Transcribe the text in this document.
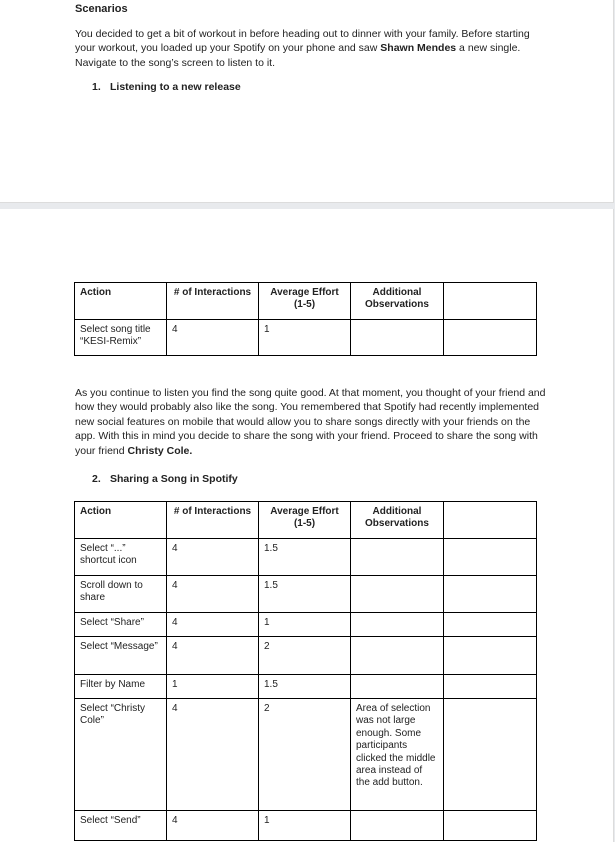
Scenarios

You decided to get a bit of workout in before heading out to dinner with your family. Before starting your workout, you loaded up your Spotify on your phone and saw Shawn Mendes a new single. Navigate to the song’s screen to listen to it.

1. Listening to a new release
Action	# of Interactions	Average Effort (1-5)	Additional Observations	
Select song title “KESI-Remix”	4	1		

As you continue to listen you find the song quite good. At that moment, you thought of your friend and how they would probably also like the song. You remembered that Spotify had recently implemented new social features on mobile that would allow you to share songs directly with your friends on the app. With this in mind you decide to share the song with your friend. Proceed to share the song with your friend Christy Cole.

2. Sharing a Song in Spotify
Action	# of Interactions	Average Effort (1-5)	Additional Observations	
Select “...” shortcut icon	4	1.5		
Scroll down to share	4	1.5		
Select “Share”	4	1		
Select “Message”	4	2		
Filter by Name	1	1.5		
Select “Christy Cole”	4	2	Area of selection was not large enough. Some participants clicked the middle area instead of the add button.	
Select “Send”	4	1		
